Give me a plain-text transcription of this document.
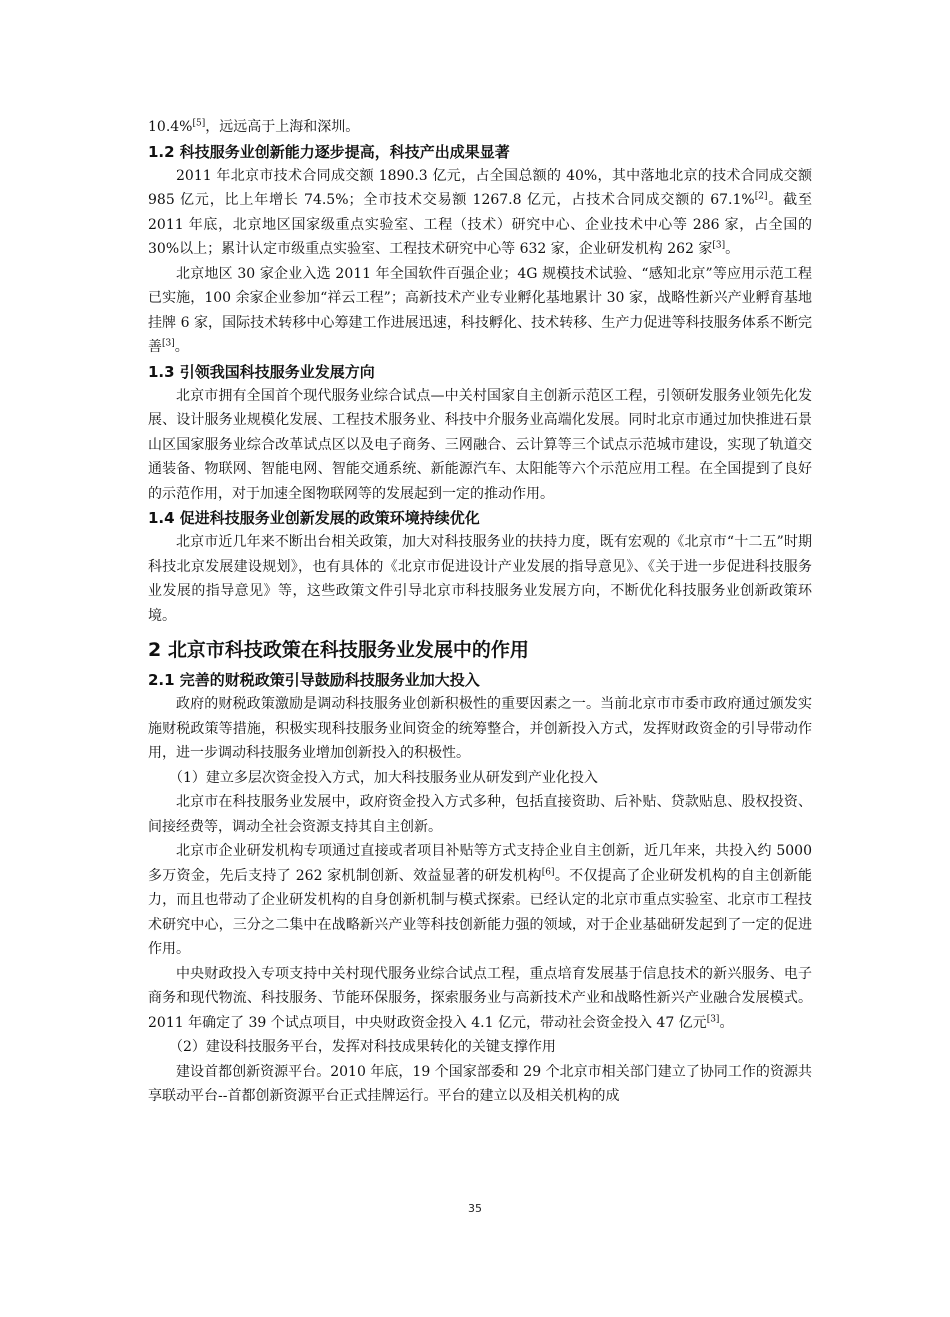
10.4%[5]，远远高于上海和深圳。

1.2 科技服务业创新能力逐步提高，科技产出成果显著

2011 年北京市技术合同成交额 1890.3 亿元，占全国总额的 40%，其中落地北京的技术合同成交额 985 亿元，比上年增长 74.5%；全市技术交易额 1267.8 亿元，占技术合同成交额的 67.1%[2]。截至 2011 年底，北京地区国家级重点实验室、工程（技术）研究中心、企业技术中心等 286 家，占全国的 30%以上；累计认定市级重点实验室、工程技术研究中心等 632 家，企业研发机构 262 家[3]。

北京地区 30 家企业入选 2011 年全国软件百强企业；4G 规模技术试验、“感知北京”等应用示范工程已实施，100 余家企业参加“祥云工程”；高新技术产业专业孵化基地累计 30 家，战略性新兴产业孵育基地挂牌 6 家，国际技术转移中心筹建工作进展迅速，科技孵化、技术转移、生产力促进等科技服务体系不断完善[3]。

1.3 引领我国科技服务业发展方向

北京市拥有全国首个现代服务业综合试点—中关村国家自主创新示范区工程，引领研发服务业领先化发展、设计服务业规模化发展、工程技术服务业、科技中介服务业高端化发展。同时北京市通过加快推进石景山区国家服务业综合改革试点区以及电子商务、三网融合、云计算等三个试点示范城市建设，实现了轨道交通装备、物联网、智能电网、智能交通系统、新能源汽车、太阳能等六个示范应用工程。在全国提到了良好的示范作用，对于加速全图物联网等的发展起到一定的推动作用。

1.4 促进科技服务业创新发展的政策环境持续优化

北京市近几年来不断出台相关政策，加大对科技服务业的扶持力度，既有宏观的《北京市“十二五”时期科技北京发展建设规划》，也有具体的《北京市促进设计产业发展的指导意见》、《关于进一步促进科技服务业发展的指导意见》等，这些政策文件引导北京市科技服务业发展方向，不断优化科技服务业创新政策环境。

2 北京市科技政策在科技服务业发展中的作用
2.1 完善的财税政策引导鼓励科技服务业加大投入

政府的财税政策激励是调动科技服务业创新积极性的重要因素之一。当前北京市市委市政府通过颁发实施财税政策等措施，积极实现科技服务业间资金的统筹整合，并创新投入方式，发挥财政资金的引导带动作用，进一步调动科技服务业增加创新投入的积极性。

（1）建立多层次资金投入方式，加大科技服务业从研发到产业化投入

北京市在科技服务业发展中，政府资金投入方式多种，包括直接资助、后补贴、贷款贴息、股权投资、间接经费等，调动全社会资源支持其自主创新。

北京市企业研发机构专项通过直接或者项目补贴等方式支持企业自主创新，近几年来，共投入约 5000 多万资金，先后支持了 262 家机制创新、效益显著的研发机构[6]。不仅提高了企业研发机构的自主创新能力，而且也带动了企业研发机构的自身创新机制与模式探索。已经认定的北京市重点实验室、北京市工程技术研究中心，三分之二集中在战略新兴产业等科技创新能力强的领域，对于企业基础研发起到了一定的促进作用。

中央财政投入专项支持中关村现代服务业综合试点工程，重点培育发展基于信息技术的新兴服务、电子商务和现代物流、科技服务、节能环保服务，探索服务业与高新技术产业和战略性新兴产业融合发展模式。2011 年确定了 39 个试点项目，中央财政资金投入 4.1 亿元，带动社会资金投入 47 亿元[3]。

（2）建设科技服务平台，发挥对科技成果转化的关键支撑作用

建设首都创新资源平台。2010 年底，19 个国家部委和 29 个北京市相关部门建立了协同工作的资源共享联动平台--首都创新资源平台正式挂牌运行。平台的建立以及相关机构的成

35
